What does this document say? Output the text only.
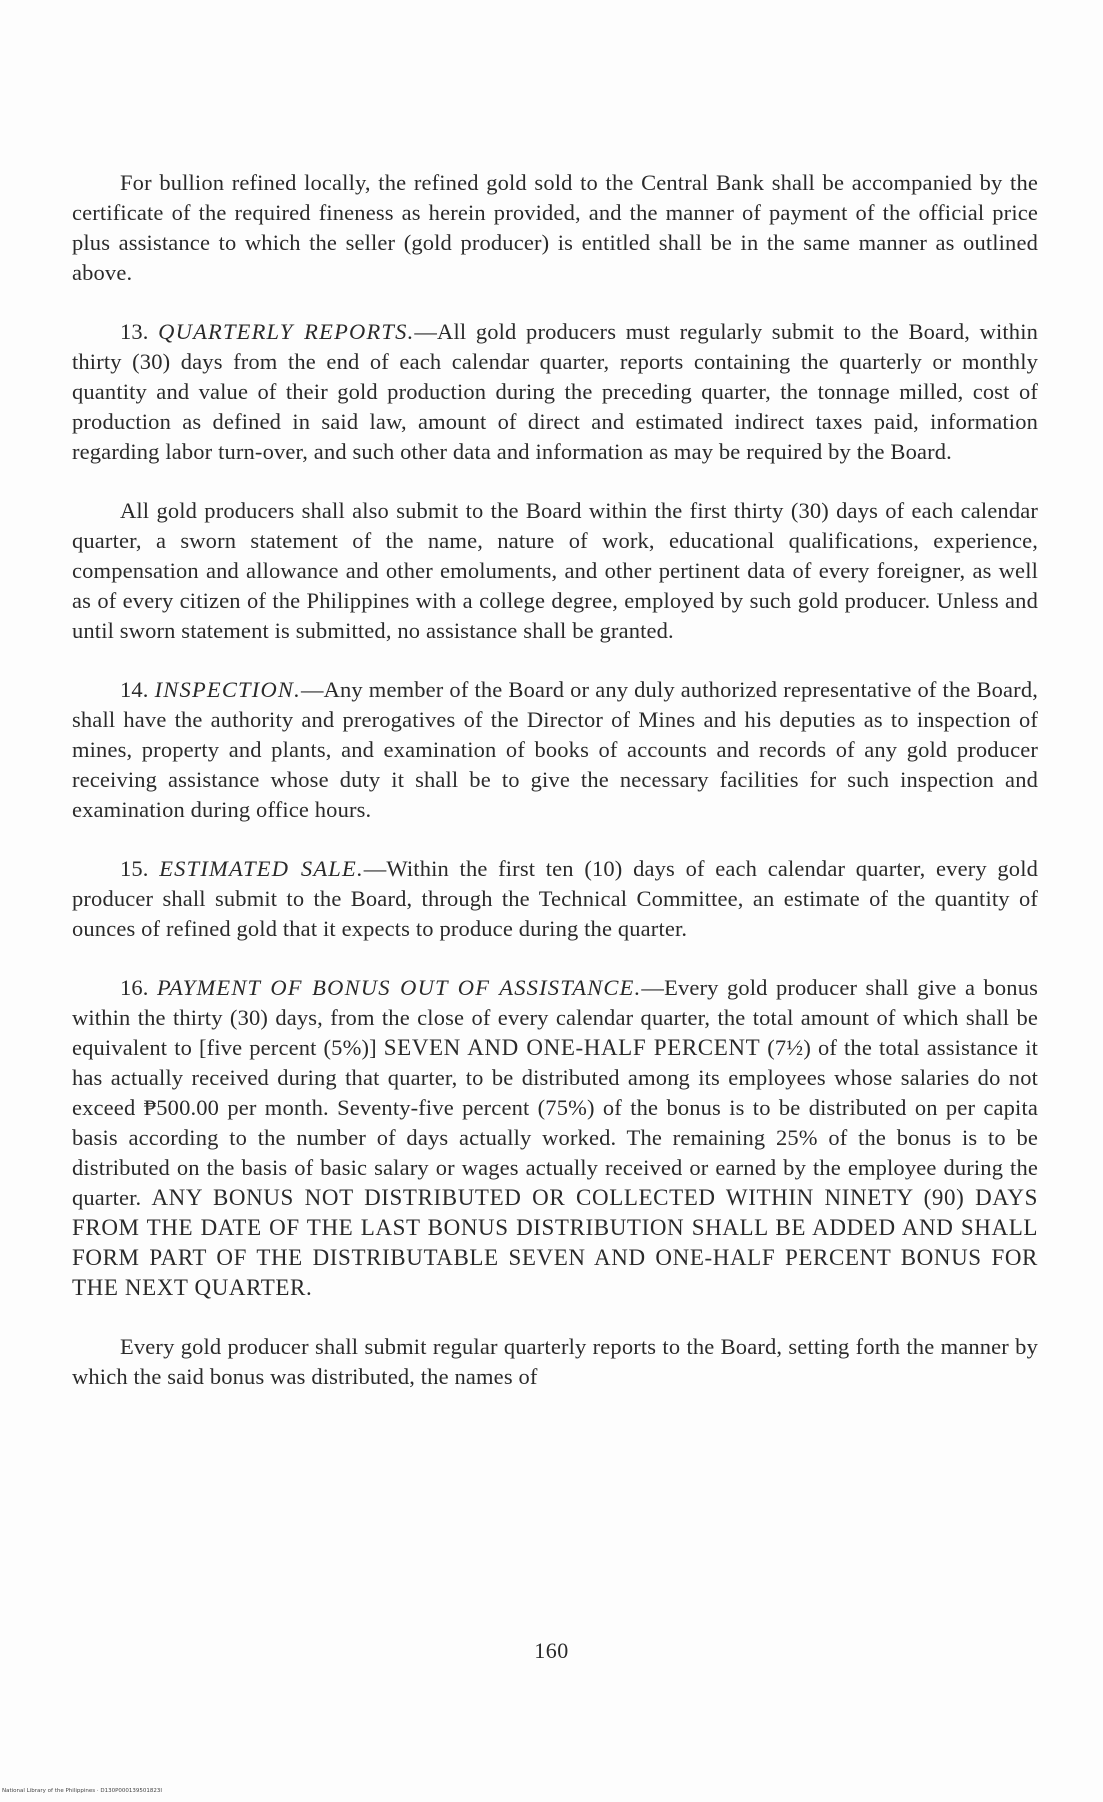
For bullion refined locally, the refined gold sold to the Central Bank shall be accompanied by the certificate of the required fineness as herein provided, and the manner of payment of the official price plus assistance to which the seller (gold producer) is entitled shall be in the same manner as outlined above.

13. QUARTERLY REPORTS.—All gold producers must regularly submit to the Board, within thirty (30) days from the end of each calendar quarter, reports containing the quarterly or monthly quantity and value of their gold production during the preceding quarter, the tonnage milled, cost of production as defined in said law, amount of direct and estimated indirect taxes paid, information regarding labor turn-over, and such other data and information as may be required by the Board.

All gold producers shall also submit to the Board within the first thirty (30) days of each calendar quarter, a sworn statement of the name, nature of work, educational qualifications, experience, compensation and allowance and other emoluments, and other pertinent data of every foreigner, as well as of every citizen of the Philippines with a college degree, employed by such gold producer. Unless and until sworn statement is submitted, no assistance shall be granted.

14. INSPECTION.—Any member of the Board or any duly authorized representative of the Board, shall have the authority and prerogatives of the Director of Mines and his deputies as to inspection of mines, property and plants, and examination of books of accounts and records of any gold producer receiving assistance whose duty it shall be to give the necessary facilities for such inspection and examination during office hours.

15. ESTIMATED SALE.—Within the first ten (10) days of each calendar quarter, every gold producer shall submit to the Board, through the Technical Committee, an estimate of the quantity of ounces of refined gold that it expects to produce during the quarter.

16. PAYMENT OF BONUS OUT OF ASSISTANCE.—Every gold producer shall give a bonus within the thirty (30) days, from the close of every calendar quarter, the total amount of which shall be equivalent to [five percent (5%)] SEVEN AND ONE-HALF PERCENT (7½) of the total assistance it has actually received during that quarter, to be distributed among its employees whose salaries do not exceed ₱500.00 per month. Seventy-five percent (75%) of the bonus is to be distributed on per capita basis according to the number of days actually worked. The remaining 25% of the bonus is to be distributed on the basis of basic salary or wages actually received or earned by the employee during the quarter. ANY BONUS NOT DISTRIBUTED OR COLLECTED WITHIN NINETY (90) DAYS FROM THE DATE OF THE LAST BONUS DISTRIBUTION SHALL BE ADDED AND SHALL FORM PART OF THE DISTRIBUTABLE SEVEN AND ONE-HALF PERCENT BONUS FOR THE NEXT QUARTER.

Every gold producer shall submit regular quarterly reports to the Board, setting forth the manner by which the said bonus was distributed, the names of

160
National Library of the Philippines · D130P000139501823I
